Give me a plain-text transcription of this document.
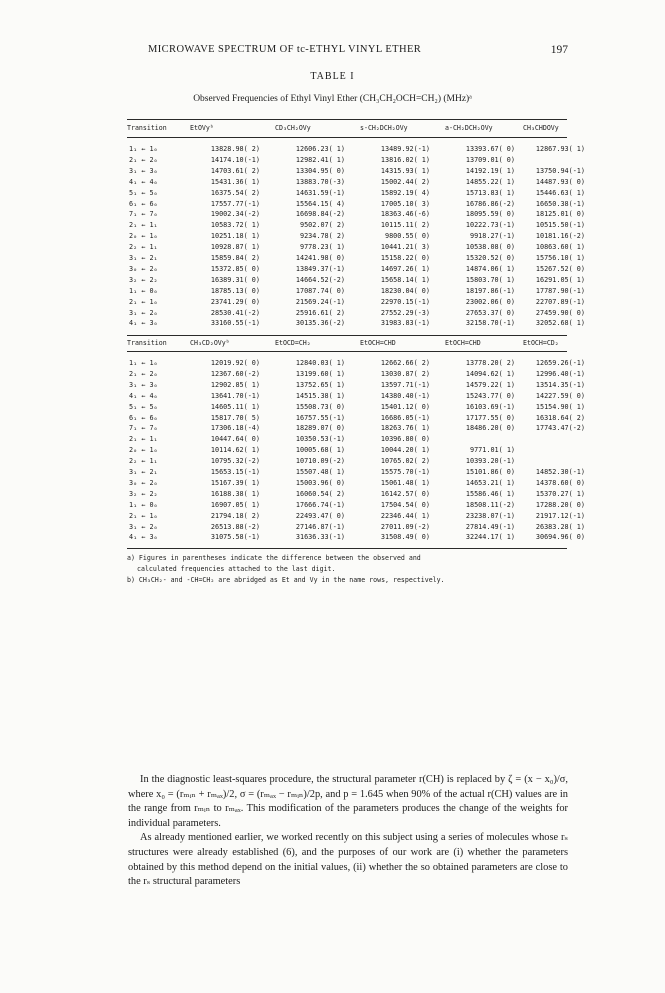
MICROWAVE SPECTRUM OF tc-ETHYL VINYL ETHER	197
TABLE I
Observed Frequencies of Ethyl Vinyl Ether (CH₃CH₂OCH=CH₂) (MHz)ᵃ
Transition	EtOVyᵇ	CD₃CH₂OVy	s-CH₂DCH₂OVy	a-CH₂DCH₂OVy	CH₃CHDOVy
1₁ ← 1₀	13828.98( 2)	12606.23( 1)	13489.92(-1)	13393.67( 0)	12867.93( 1)
2₁ ← 2₀	14174.10(-1)	12982.41( 1)	13816.02( 1)	13709.01( 0)
3₁ ← 3₀	14703.61( 2)	13304.95( 0)	14315.93( 1)	14192.19( 1)	13750.94(-1)
4₁ ← 4₀	15431.36( 1)	13883.70(-3)	15002.44( 2)	14855.22( 1)	14487.93( 0)
5₁ ← 5₀	16375.54( 2)	14631.59(-1)	15892.19( 4)	15713.83( 1)	15446.63( 1)
6₁ ← 6₀	17557.77(-1)	15564.15( 4)	17005.10( 3)	16786.86(-2)	16650.38(-1)
7₁ ← 7₀	19002.34(-2)	16698.84(-2)	18363.46(-6)	18095.59( 0)	18125.01( 0)
2₁ ← 1₁	10583.72( 1)	9502.07( 2)	10115.11( 2)	10222.73(-1)	10515.50(-1)
2₀ ← 1₀	10251.18( 1)	9234.78( 2)	9800.55( 0)	9918.27(-1)	10181.16(-2)
2₂ ← 1₁	10928.87( 1)	9778.23( 1)	10441.21( 3)	10538.08( 0)	10863.60( 1)
3₁ ← 2₁	15859.84( 2)	14241.98( 0)	15158.22( 0)	15320.52( 0)	15756.10( 1)
3₀ ← 2₀	15372.85( 0)	13849.37(-1)	14697.26( 1)	14874.06( 1)	15267.52( 0)
3₂ ← 2₂	16389.31( 0)	14664.52(-2)	15658.14( 1)	15803.70( 1)	16291.05( 1)
1₁ ← 0₀	18785.13( 0)	17087.74( 0)	18230.04( 0)	18197.86(-1)	17787.90(-1)
2₁ ← 1₀	23741.29( 0)	21569.24(-1)	22970.15(-1)	23002.06( 0)	22707.89(-1)
3₁ ← 2₀	28530.41(-2)	25916.61( 2)	27552.29(-3)	27653.37( 0)	27459.90( 0)
4₁ ← 3₀	33160.55(-1)	30135.36(-2)	31983.83(-1)	32158.70(-1)	32052.68( 1)
Transition	CH₃CD₂OVyᵇ	EtOCD=CH₂	EtOCH=CHD	EtOCH=CHD	EtOCH=CD₂
1₁ ← 1₀	12019.92( 0)	12840.03( 1)	12662.66( 2)	13778.20( 2)	12659.26(-1)
2₁ ← 2₀	12367.60(-2)	13199.60( 1)	13030.87( 2)	14094.62( 1)	12996.40(-1)
3₁ ← 3₀	12902.85( 1)	13752.65( 1)	13597.71(-1)	14579.22( 1)	13514.35(-1)
4₁ ← 4₀	13641.70(-1)	14515.38( 1)	14380.40(-1)	15243.77( 0)	14227.59( 0)
5₁ ← 5₀	14605.11( 1)	15508.73( 0)	15401.12( 0)	16103.69(-1)	15154.90( 1)
6₁ ← 6₀	15817.70( 5)	16757.55(-1)	16686.05(-1)	17177.55( 0)	16318.64( 2)
7₁ ← 7₀	17306.18(-4)	18289.07( 0)	18263.76( 1)	18486.20( 0)	17743.47(-2)
2₁ ← 1₁	10447.64( 0)	10350.53(-1)	10396.80( 0)
2₀ ← 1₀	10114.62( 1)	10005.68( 1)	10044.20( 1)	9771.01( 1)
2₂ ← 1₁	10795.32(-2)	10710.09(-2)	10765.02( 2)	10393.20(-1)
3₁ ← 2₁	15653.15(-1)	15507.48( 1)	15575.70(-1)	15101.86( 0)	14852.30(-1)
3₀ ← 2₀	15167.39( 1)	15003.96( 0)	15061.48( 1)	14653.21( 1)	14378.60( 0)
3₂ ← 2₂	16188.38( 1)	16060.54( 2)	16142.57( 0)	15586.46( 1)	15370.27( 1)
1₁ ← 0₀	16907.05( 1)	17666.74(-1)	17504.54( 0)	18508.11(-2)	17288.20( 0)
2₁ ← 1₀	21794.18( 2)	22493.47( 0)	22346.44( 1)	23238.07(-1)	21917.12(-1)
3₁ ← 2₀	26513.88(-2)	27146.87(-1)	27011.09(-2)	27814.49(-1)	26383.28( 1)
4₁ ← 3₀	31075.58(-1)	31636.33(-1)	31508.49( 0)	32244.17( 1)	30694.96( 0)
a) Figures in parentheses indicate the difference between the observed and
calculated frequencies attached to the last digit.
b) CH₃CH₂- and -CH=CH₂ are abridged as Et and Vy in the name rows, respectively.

In the diagnostic least-squares procedure, the structural parameter r(CH) is replaced by ζ = (x − x₀)/σ, where x₀ = (rₘᵢₙ + rₘₐₓ)/2, σ = (rₘₐₓ − rₘᵢₙ)/2p, and p = 1.645 when 90% of the actual r(CH) values are in the range from rₘᵢₙ to rₘₐₓ. This modification of the parameters produces the change of the weights for individual parameters.

As already mentioned earlier, we worked recently on this subject using a series of molecules whose rₛ structures were already established (6), and the purposes of our work are (i) whether the parameters obtained by this method depend on the initial values, (ii) whether the so obtained parameters are close to the rₛ structural parameters
